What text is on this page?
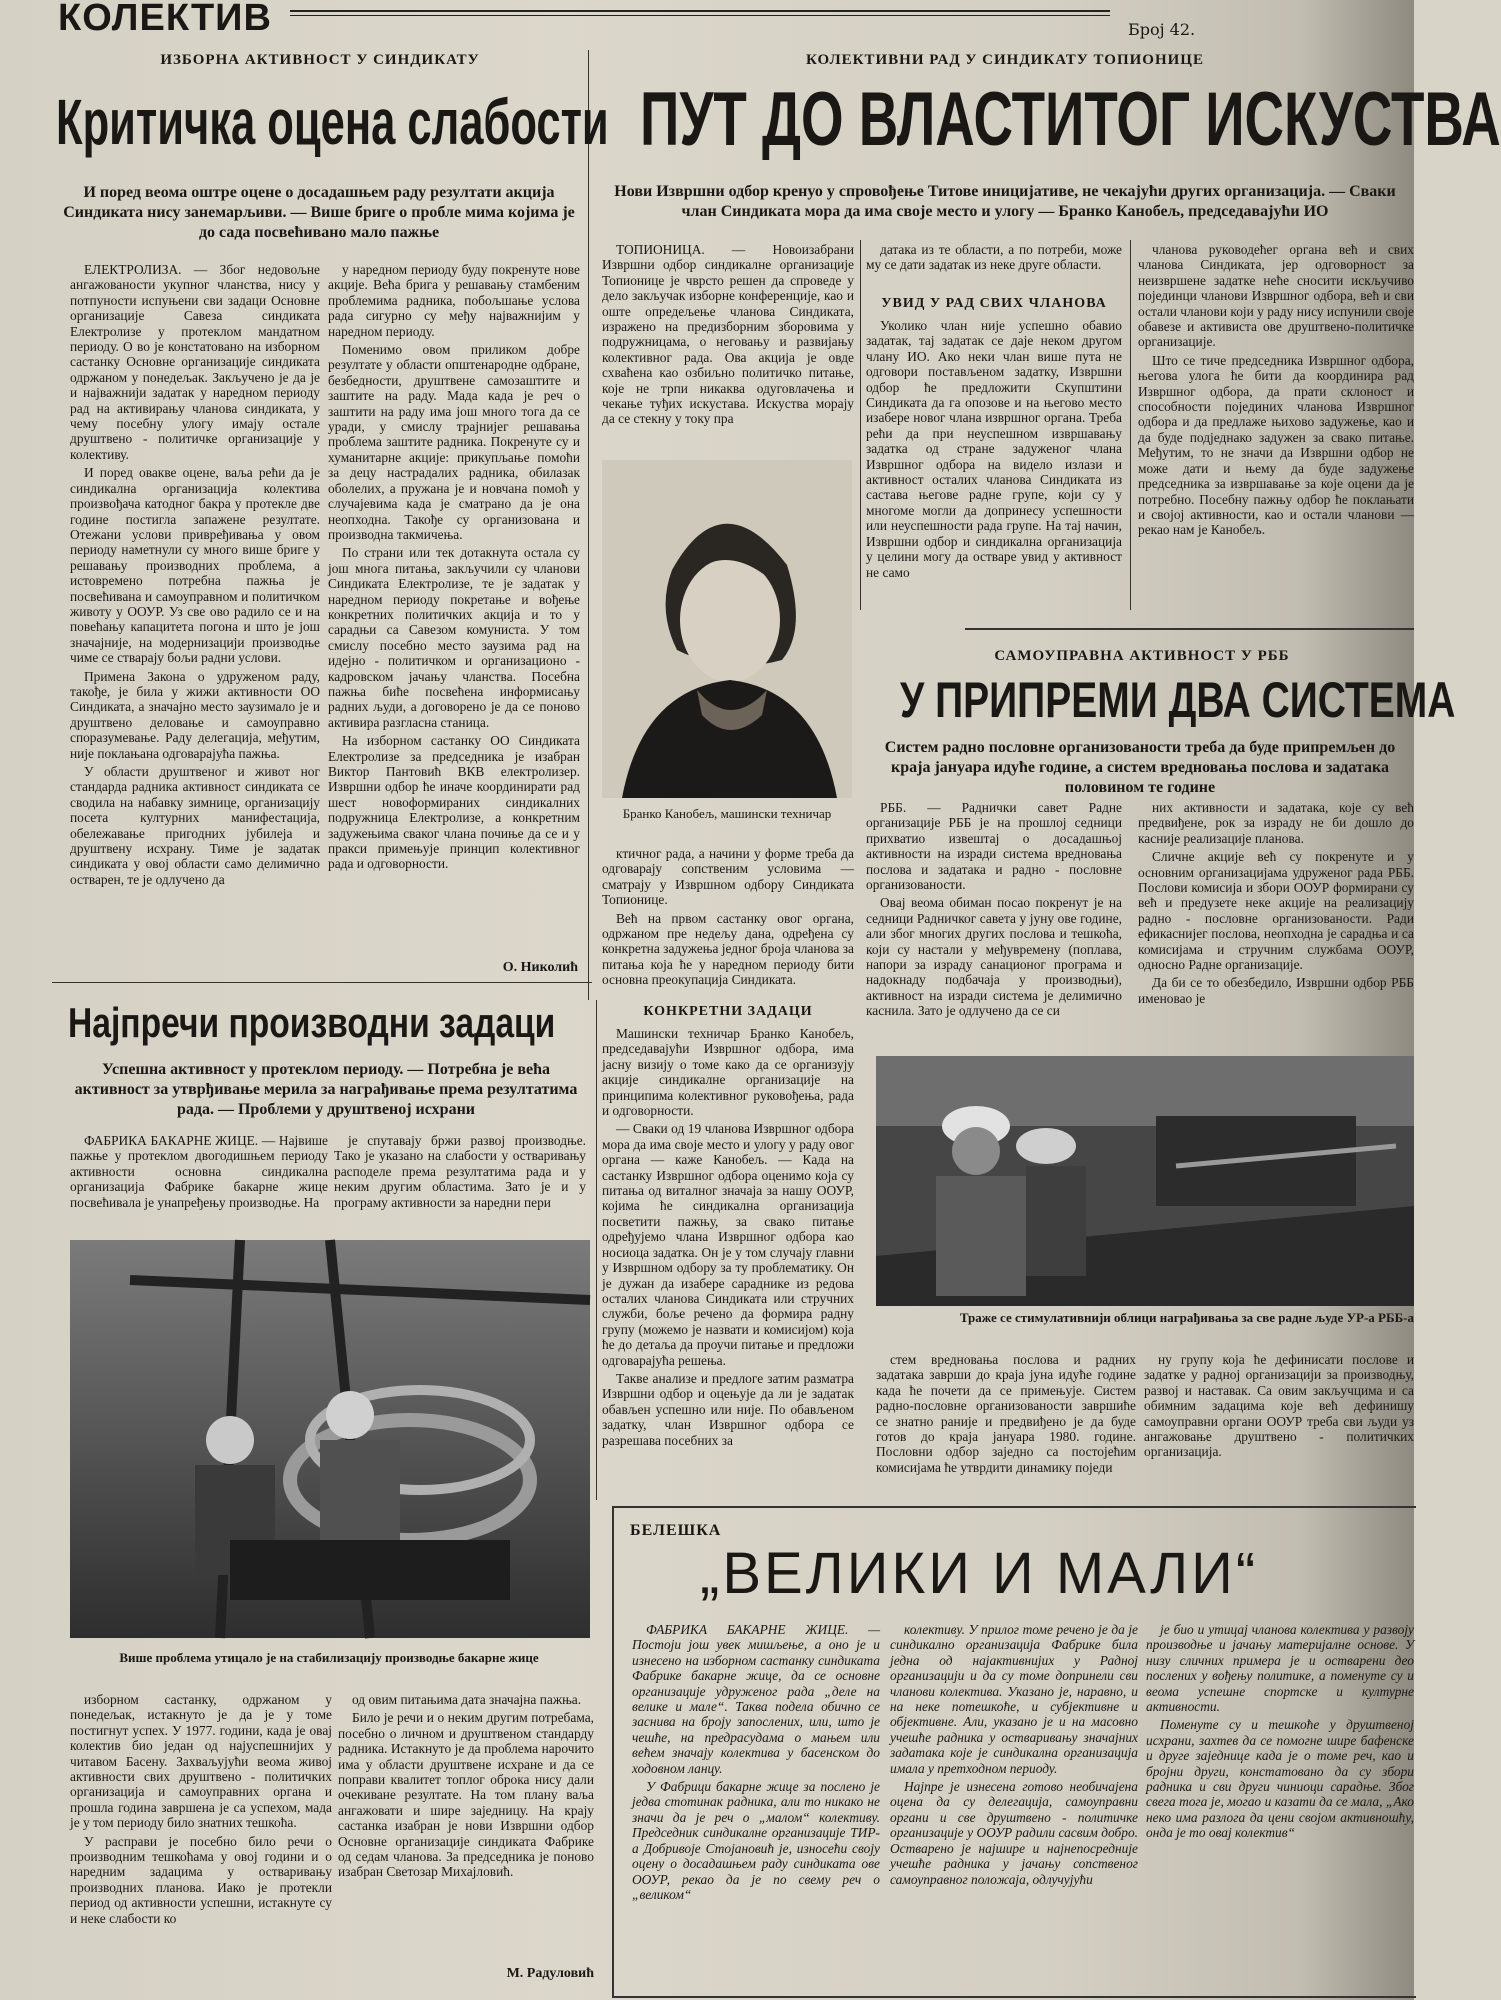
КОЛЕКТИВ	Број 42.
ИЗБОРНА АКТИВНОСТ У СИНДИКАТУ
Критичка оцена слабости
И поред веома оштре оцене о досадашњем раду резултати акција Синдиката нису занемарљиви. — Више бриге о пробле мима којима је до сада посвећивано мало пажње

ЕЛЕКТРОЛИЗА. — Због недовољне ангажованости укупног чланства, нису у потпуности испуњени сви задаци Основне организације Савеза синдиката Електролизе у протеклом мандатном периоду. О во је констатовано на изборном састанку Основне организације синдиката одржаном у понедељак. Закључено је да је и најважнији задатак у наредном периоду рад на активирању чланова синдиката, у чему посебну улогу имају остале друштвено - политичке организације у колективу.

И поред овакве оцене, ваља рећи да је синдикална организација колектива произвођача катодног бакра у протекле две године постигла запажене резултате. Отежани услови привређивања у овом периоду наметнули су много више бриге у решавању производних проблема, а истовремено потребна пажња је посвећивана и самоуправном и политичком животу у ООУР. Уз све ово радило се и на повећању капацитета погона и што је још значајније, на модернизацији производње чиме се стварају бољи радни услови.

Примена Закона о удруженом раду, такође, је била у жижи активности ОО Синдиката, а значајно место заузимало је и друштвено деловање и самоуправно споразумевање. Раду делегација, међутим, није поклањана одговарајућа пажња.

У области друштвеног и живот ног стандарда радника активност синдиката се сводила на набавку зимнице, организацију посета културних манифестација, обележавање пригодних јубилеја и друштвену исхрану. Тиме је задатак синдиката у овој области само делимично остварен, те је одлучено да

у наредном периоду буду покренуте нове акције. Већа брига у решавању стамбеним проблемима радника, побољшање услова рада сигурно су међу најважнијим у наредном периоду.

Поменимо овом приликом добре резултате у области општенародне одбране, безбедности, друштвене самозаштите и заштите на раду. Мада када је реч о заштити на раду има још много тога да се уради, у смислу трајнијег решавања проблема заштите радника. Покренуте су и хуманитарне акције: прикупљање помоћи за децу настрадалих радника, обилазак оболелих, а пружана је и новчана помоћ у случајевима када је сматрано да је она неопходна. Такође су организована и производна такмичења.

По страни или тек дотакнута остала су још многа питања, закључили су чланови Синдиката Електролизе, те је задатак у наредном периоду покретање и вођење конкретних политичких акција и то у сарадњи са Савезом комуниста. У том смислу посебно место заузима рад на идејно - политичком и организационо - кадровском јачању чланства. Посебна пажња биће посвећена информисању радних људи, а договорено је да се поново активира разгласна станица.

На изборном састанку ОО Синдиката Електролизе за председника је изабран Виктор Пантовић ВКВ електролизер. Извршни одбор ће иначе координирати рад шест новоформираних синдикалних подружница Електролизе, а конкретним задужењима сваког члана почиње да се и у пракси примењује принцип колективног рада и одговорности.

О. Николић
Најпречи производни задаци
Успешна активност у протеклом периоду. — Потребна је већа активност за утврђивање мерила за награђивање према резултатима рада. — Проблеми у друштвеној исхрани

ФАБРИКА БАКАРНЕ ЖИЦЕ. — Највише пажње у протеклом двогодишњем периоду активности основна синдикална организација Фабрике бакарне жице посвећивала је унапређењу производње. На

је спутавају бржи развој производње. Тако је указано на слабости у остваривању расподеле према резултатима рада и у неким другим областима. Зато је и у програму активности за наредни пери

Више проблема утицало је на стабилизацију производње бакарне жице

изборном састанку, одржаном у понедељак, истакнуто је да је у томе постигнут успех. У 1977. години, када је овај колектив био један од најуспешнијих у читавом Басену. Захваљујући веома живој активности свих друштвено - политичких организација и самоуправних органа и прошла година завршена је са успехом, мада је у том периоду било знатних тешкоћа.

У расправи је посебно било речи о производним тешкоћама у овој години и о наредним задацима у остваривању производних планова. Иако је протекли период од активности успешни, истакнуте су и неке слабости ко

од овим питањима дата значајна пажња.

Било је речи и о неким другим потребама, посебно о личном и друштвеном стандарду радника. Истакнуто је да проблема нарочито има у области друштвене исхране и да се поправи квалитет топлог оброка нису дали очекиване резултате. На том плану ваља ангажовати и шире заједницу. На крају састанка изабран је нови Извршни одбор Основне организације синдиката Фабрике од седам чланова. За председника је поново изабран Светозар Михајловић.

М. Радуловић
КОЛЕКТИВНИ РАД У СИНДИКАТУ ТОПИОНИЦЕ
ПУТ ДО ВЛАСТИТОГ ИСКУСТВА
Нови Извршни одбор кренуо у спровођење Титове иницијативе, не чекајући другиx организација. — Сваки члан Синдиката мора да има своје место и улогу — Бранко Канобељ, председавајући ИО

ТОПИОНИЦА. — Новоизабрани Извршни одбор синдикалне организације Топионице је чврсто решен да спроведе у дело закључак изборне конференције, као и оште опредељење чланова Синдиката, изражено на предизборним зборовима у подружницама, о неговању и развијању колективног рада. Ова акција је овде схваћена као озбиљно политичко питање, које не трпи никаква одуговлачења и чекање туђих искустава. Искуства морају да се стекну у току пра

Бранко Канобељ, машински техничар

ктичног рада, а начини у форме треба да одговарају сопственим условима — сматрају у Извршном одбору Синдиката Топионице.

Већ на првом састанку овог органа, одржаном пре недељу дана, одређена су конкретна задужења једног броја чланова за питања која ће у наредном периоду бити основна преокупација Синдиката.

КОНКРЕТНИ ЗАДАЦИ

Машински техничар Бранко Канобељ, председавајући Извршног одбора, има јасну визију о томе како да се организују акције синдикалне организације на принципима колективног руковођења, рада и одговорности.

— Сваки од 19 чланова Извршног одбора мора да има своје место и улогу у раду овог органа — каже Канобељ. — Када на састанку Извршног одбора оценимо која су питања од виталног значаја за нашу ООУР, којима ће синдикална организација посветити пажњу, за свако питање одређујемо члана Извршног одбора као носиоца задатка. Он је у том случају главни у Извршном одбору за ту проблематику. Он је дужан да изабере сараднике из редова осталих чланова Синдиката или стручних служби, боље речено да формира радну групу (можемо је назвати и комисијом) која ће до детаља да проучи питање и предложи одговарајућа решења.

Такве анализе и предлоге затим разматра Извршни одбор и оцењује да ли је задатак обављен успешно или није. По обављеном задатку, члан Извршног одбора се разрешава посебних за

датака из те области, а по потреби, може му се дати задатак из неке друге области.

УВИД У РАД СВИХ ЧЛАНОВА

Уколико члан није успешно обавио задатак, тај задатак се даје неком другом члану ИО. Ако неки члан више пута не одговори постављеном задатку, Извршни одбор ће предложити Скупштини Синдиката да га опозове и на његово место изабере новог члана извршног органа. Треба рећи да при неуспешном извршавању задатка од стране задуженог члана Извршног одбора на видело излази и активност осталих чланова Синдиката из састава његове радне групе, који су у многоме могли да допринесу успешности или неуспешности рада групе. На тај начин, Извршни одбор и синдикална организација у целини могу да остваре увид у активност не само

чланова руководећег органа већ и свих чланова Синдиката, јер одговорност за неизвршене задатке неће сносити искључиво појединци чланови Извршног одбора, већ и сви остали чланови који у раду нису испунили своје обавезе и активиста ове друштвено-политичке организације.

Што се тиче председника Извршног одбора, његова улога ће бити да координира рад Извршног одбора, да прати склоност и способности појединих чланова Извршног одбора и да предлаже њихово задужење, као и да буде подједнако задужен за свако питање. Међутим, то не значи да Извршни одбор не може дати и њему да буде задужење председника за извршавање за које оцени да је потребно. Посебну пажњу одбор ће поклањати и својој активности, као и остали чланови — рекао нам је Канобељ.

САМОУПРАВНА АКТИВНОСТ У РББ
У ПРИПРЕМИ ДВА СИСТЕМА
Систем радно пословне организованости треба да буде припремљен до краја јануара идуће године, а систем вредновања послова и задатака половином те године

РББ. — Раднички савет Радне организације РББ је на прошлој седници прихватио извештај о досадашњој активности на изради система вредновања послова и задатака и радно - пословне организованости.

Овај веома обиман посао покренут је на седници Радничког савета у јуну ове године, али због многих других послова и тешкоћа, који су настали у међувремену (поплава, напори за израду санационог програма и надокнаду подбачаја у производњи), активност на изради система је делимично каснила. Зато је одлучено да се си

них активности и задатака, које су већ предвиђене, рок за израду не би дошло до касније реализације планова.

Сличне акције већ су покренуте и у основним организацијама удруженог рада РББ. Послови комисија и збори ООУР формирани су већ и предузете неке акције на реализацију радно - пословне организованости. Ради ефикаснијег послова, неопходна је сарадња и са комисијама и стручним службама ООУР, односно Радне организације.

Да би се то обезбедило, Извршни одбор РББ именовао је

Траже се стимулативнији облици награђивања за све радне људе УР-а РББ-а

стем вредновања послова и радних задатака заврши до краја јуна идуће године када ће почети да се примењује. Систем радно-пословне организованости завршиће се знатно раније и предвиђено је да буде готов до краја јануара 1980. године. Пословни одбор заједно са постојећим комисијама ће утврдити динамику поједи

ну групу која ће дефинисати послове и задатке у радној организацији за производњу, развој и наставак. Са овим закључцима и са обимним задацима које већ дефинишу самоуправни органи ООУР треба сви људи уз ангажовање друштвено - политичких организација.

БЕЛЕШКА
„ВЕЛИКИ И МАЛИ“

ФАБРИКА БАКАРНЕ ЖИЦЕ. — Постоји још увек мишљење, а оно је и изнесено на изборном састанку синдиката Фабрике бакарне жице, да се основне организације удруженог рада „деле на велике и мале“. Таква подела обично се заснива на броју запослених, или, што је чешће, на предрасудама о мањем или већем значају колектива у басенском до ходовном ланцу.

У Фабрици бакарне жице за послено је једва стотинак радника, али то никако не значи да је реч о „малом“ колективу. Председник синдикалне организације ТИР-а Добривоје Стојановић је, износећи своју оцену о досадашњем раду синдиката ове ООУР, рекао да је по свему реч о „великом“

колективу. У прилог томе речено је да је синдикално организација Фабрике била једна од најактивнијих у Радној организацији и да су томе допринели сви чланови колектива. Указано је, наравно, и на неке потешкоће, и субјективне и објективне. Али, указано је и на масовно учешће радника у остваривању значајних задатака које је синдикална организација имала у претходном периоду.

Најпре је изнесена готово необичајена оцена да су делегација, самоуправни органи и све друштвено - политичке организације у ООУР радили сасвим добро. Остварено је најшире и најнепосредније учешће радника у јачању сопственог самоуправног положаја, одлучујући

је био и утицај чланова колектива у развоју производње и јачању материјалне основе. У низу сличних примера је и остварени део послених у вођењу политике, а поменуте су и веома успешне спортске и културне активности.

Поменуте су и тешкоће у друштвеној исхрани, захтев да се помогне шире бафенске и друге заједнице када је о томе реч, као и бројни други, констатовано да су збори радника и сви други чиниоци сарадње. Због свега тога је, могао и казати да се мала, „Ако неко има разлога да цени својом активношћу, онда је то овај колектив“
